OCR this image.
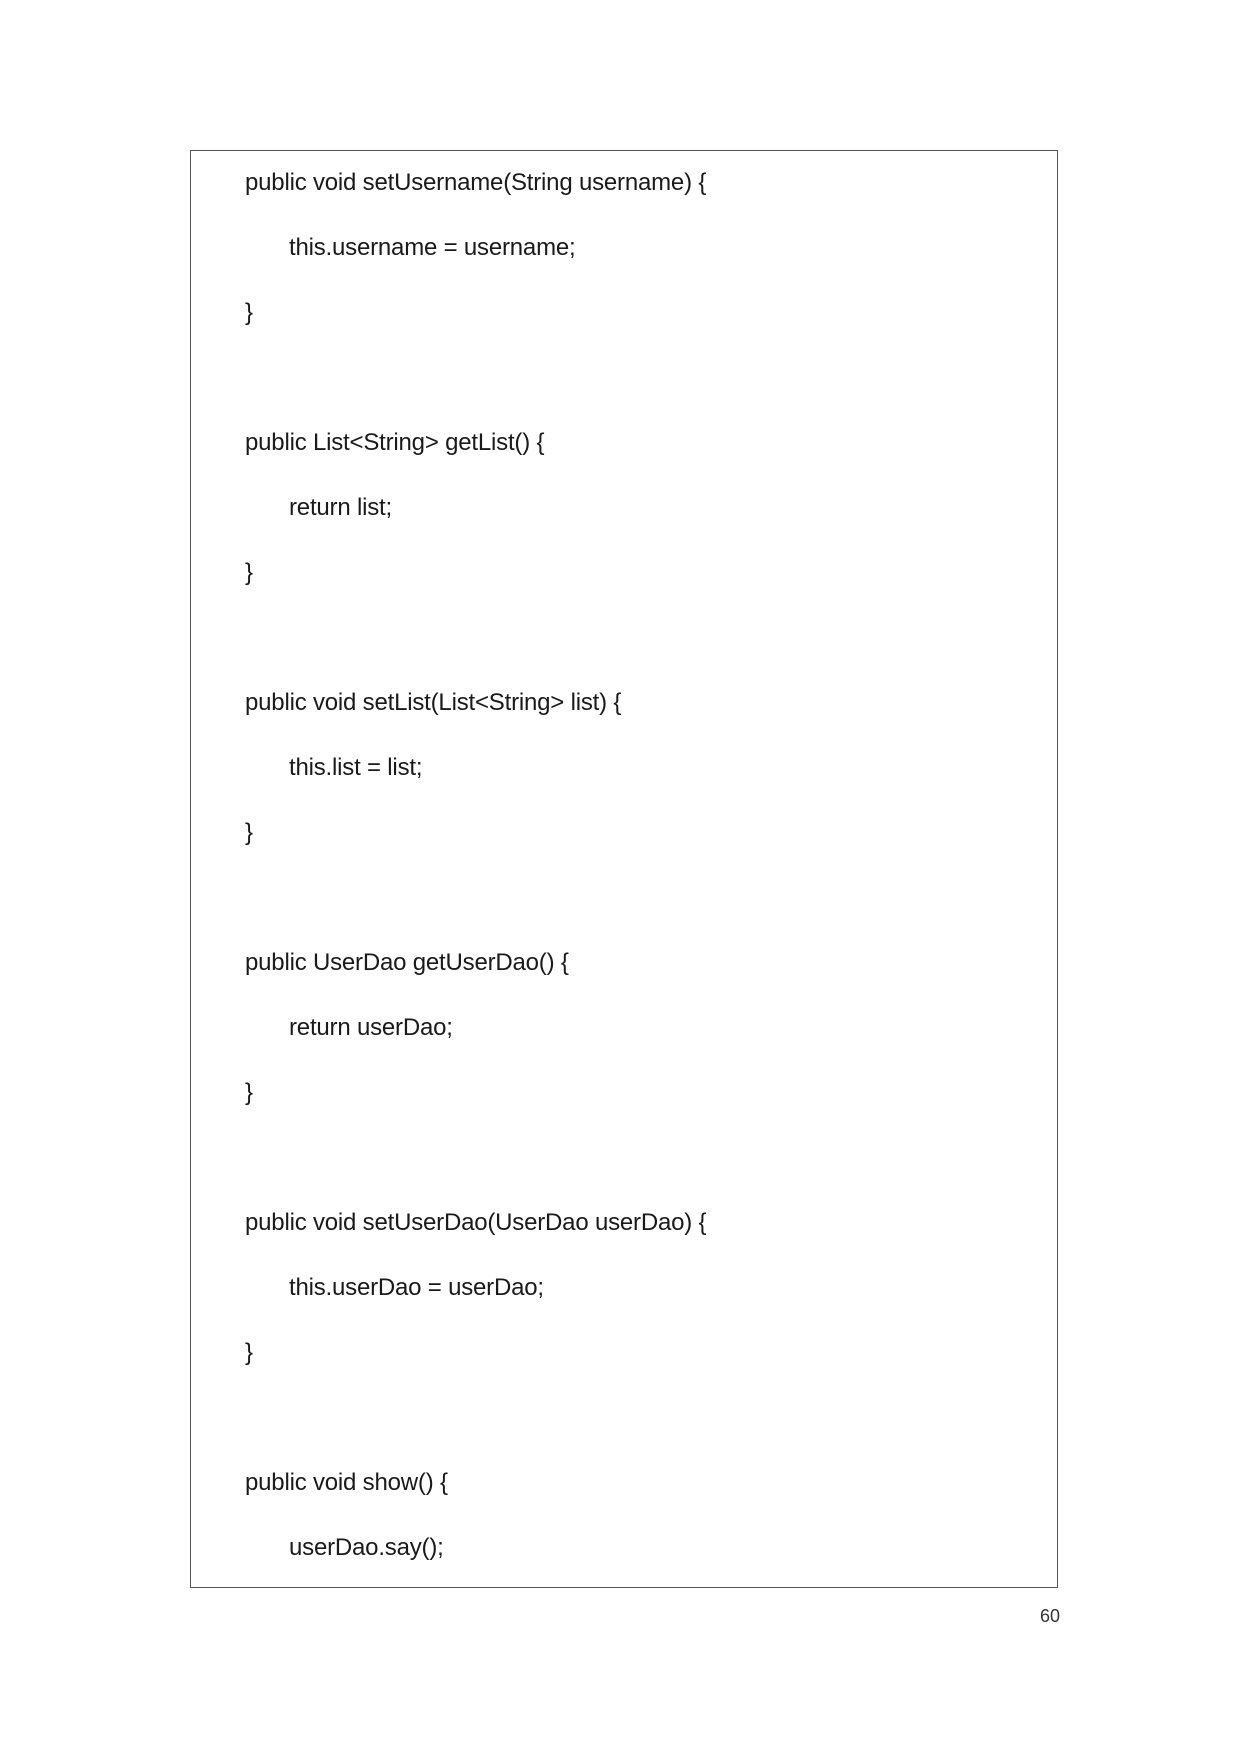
public void setUsername(String username) {
this.username = username;
}
public List<String> getList() {
return list;
}
public void setList(List<String> list) {
this.list = list;
}
public UserDao getUserDao() {
return userDao;
}
public void setUserDao(UserDao userDao) {
this.userDao = userDao;
}
public void show() {
userDao.say();
60
